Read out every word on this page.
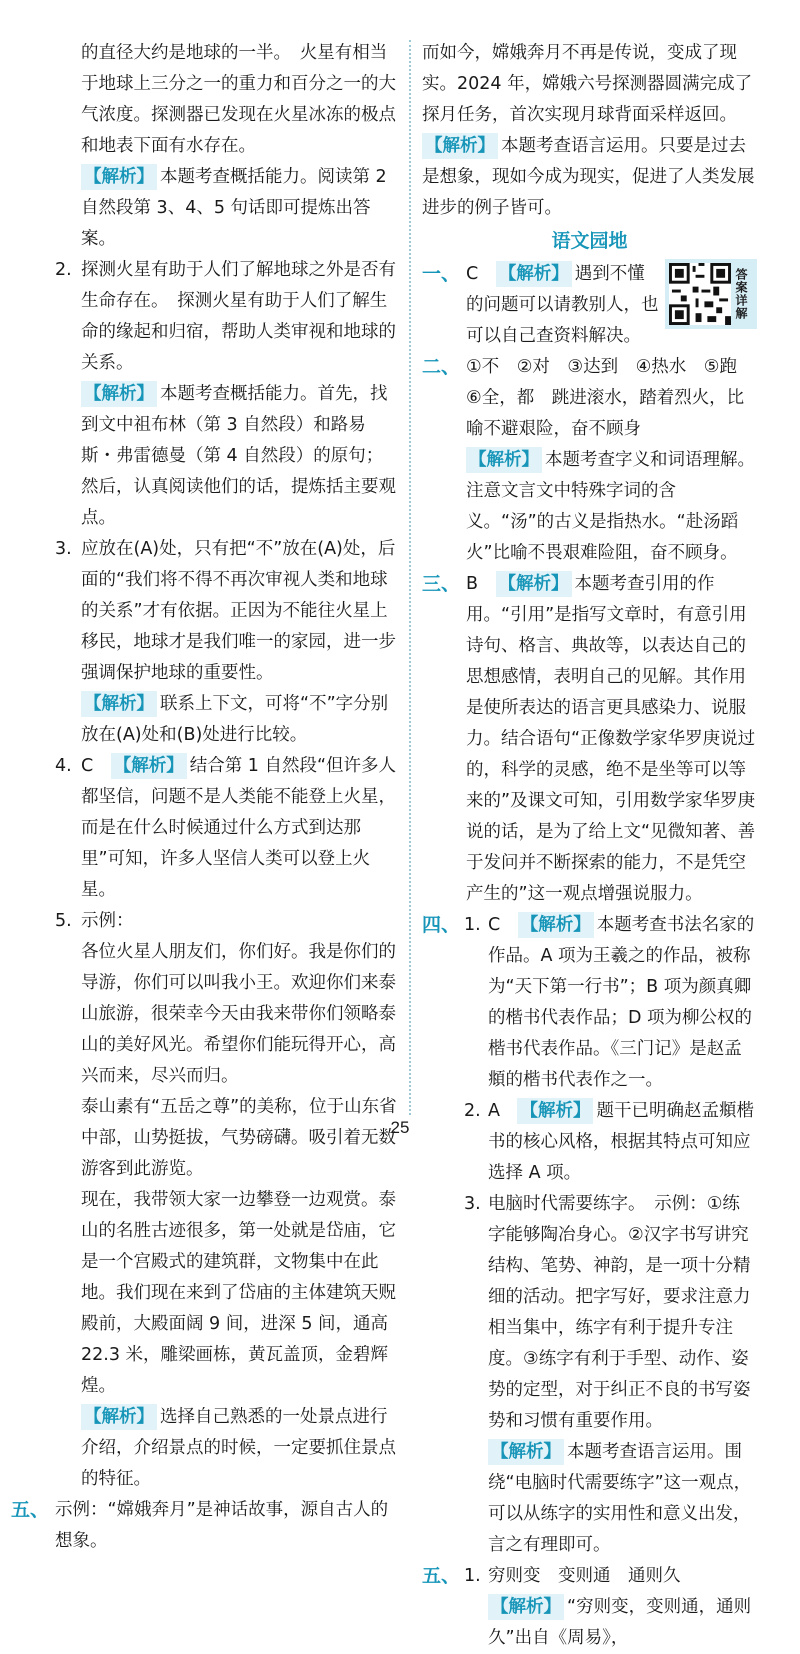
的直径大约是地球的一半。　火星有相当于地球上三分之一的重力和百分之一的大气浓度。探测器已发现在火星冰冻的极点和地表下面有水存在。

【解析】 本题考查概括能力。阅读第 2 自然段第 3、4、5 句话即可提炼出答案。

2. 探测火星有助于人们了解地球之外是否有生命存在。　探测火星有助于人们了解生命的缘起和归宿，帮助人类审视和地球的关系。

【解析】 本题考查概括能力。首先，找到文中祖布林（第 3 自然段）和路易斯・弗雷德曼（第 4 自然段）的原句；然后，认真阅读他们的话，提炼括主要观点。

3. 应放在(A)处，只有把“不”放在(A)处，后面的“我们将不得不再次审视人类和地球的关系”才有依据。正因为不能往火星上移民，地球才是我们唯一的家园，进一步强调保护地球的重要性。

【解析】 联系上下文，可将“不”字分别放在(A)处和(B)处进行比较。

4. C　 【解析】 结合第 1 自然段“但许多人都坚信，问题不是人类能不能登上火星，而是在什么时候通过什么方式到达那里”可知，许多人坚信人类可以登上火星。

5. 示例：

各位火星人朋友们，你们好。我是你们的导游，你们可以叫我小王。欢迎你们来泰山旅游，很荣幸今天由我来带你们领略泰山的美好风光。希望你们能玩得开心，高兴而来，尽兴而归。

泰山素有“五岳之尊”的美称，位于山东省中部，山势挺拔，气势磅礴。吸引着无数游客到此游览。

现在，我带领大家一边攀登一边观赏。泰山的名胜古迹很多，第一处就是岱庙，它是一个宫殿式的建筑群，文物集中在此地。我们现在来到了岱庙的主体建筑天贶殿前，大殿面阔 9 间，进深 5 间，通高 22.3 米，雕梁画栋，黄瓦盖顶，金碧辉煌。

【解析】 选择自己熟悉的一处景点进行介绍，介绍景点的时候，一定要抓住景点的特征。

五、 示例：“嫦娥奔月”是神话故事，源自古人的想象。

而如今，嫦娥奔月不再是传说，变成了现实。2024 年，嫦娥六号探测器圆满完成了探月任务，首次实现月球背面采样返回。

【解析】 本题考查语言运用。只要是过去是想象，现如今成为现实，促进了人类发展进步的例子皆可。
语文园地
一、 C　 【解析】 遇到不懂的问题可以请教别人，也可以自己查资料解决。

答案详解
二、 ①不　②对　③达到　④热水　⑤跑　⑥全，都　跳进滚水，踏着烈火，比喻不避艰险，奋不顾身

【解析】 本题考查字义和词语理解。注意文言文中特殊字词的含义。“汤”的古义是指热水。“赴汤蹈火”比喻不畏艰难险阻，奋不顾身。

三、 B　 【解析】 本题考查引用的作用。“引用”是指写文章时，有意引用诗句、格言、典故等，以表达自己的思想感情，表明自己的见解。其作用是使所表达的语言更具感染力、说服力。结合语句“正像数学家华罗庚说过的，科学的灵感，绝不是坐等可以等来的”及课文可知，引用数学家华罗庚说的话，是为了给上文“见微知著、善于发问并不断探索的能力，不是凭空产生的”这一观点增强说服力。

四、 1. C　 【解析】 本题考查书法名家的作品。A 项为王羲之的作品，被称为“天下第一行书”；B 项为颜真卿的楷书代表作品；D 项为柳公权的楷书代表作品。《三门记》是赵孟頫的楷书代表作之一。

2. A　 【解析】 题干已明确赵孟頫楷书的核心风格，根据其特点可知应选择 A 项。

3. 电脑时代需要练字。　示例：①练字能够陶冶身心。②汉字书写讲究结构、笔势、神韵，是一项十分精细的活动。把字写好，要求注意力相当集中，练字有利于提升专注度。③练字有利于手型、动作、姿势的定型，对于纠正不良的书写姿势和习惯有重要作用。

【解析】 本题考查语言运用。围绕“电脑时代需要练字”这一观点，可以从练字的实用性和意义出发，言之有理即可。

五、 1. 穷则变　变则通　通则久

【解析】 “穷则变，变则通，通则久”出自《周易》，

25
